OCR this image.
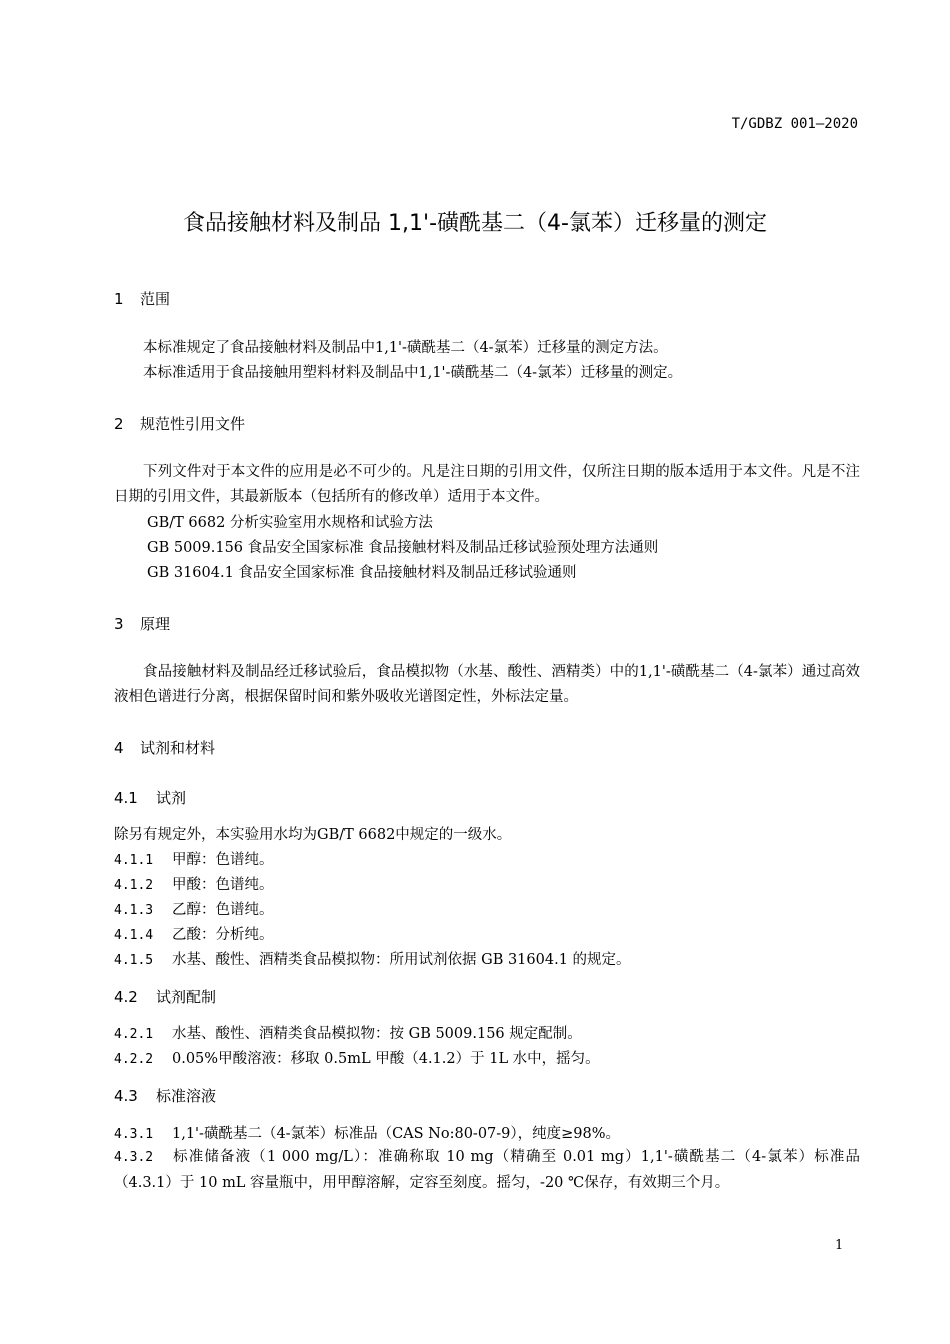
T/GDBZ 001—2020
食品接触材料及制品 1,1'-磺酰基二（4-氯苯）迁移量的测定
1 范围

本标准规定了食品接触材料及制品中1,1'-磺酰基二（4-氯苯）迁移量的测定方法。

本标准适用于食品接触用塑料材料及制品中1,1'-磺酰基二（4-氯苯）迁移量的测定。

2 规范性引用文件

下列文件对于本文件的应用是必不可少的。凡是注日期的引用文件，仅所注日期的版本适用于本文件。凡是不注日期的引用文件，其最新版本（包括所有的修改单）适用于本文件。

GB/T 6682 分析实验室用水规格和试验方法

GB 5009.156 食品安全国家标准 食品接触材料及制品迁移试验预处理方法通则

GB 31604.1 食品安全国家标准 食品接触材料及制品迁移试验通则

3 原理

食品接触材料及制品经迁移试验后，食品模拟物（水基、酸性、酒精类）中的1,1'-磺酰基二（4-氯苯）通过高效液相色谱进行分离，根据保留时间和紫外吸收光谱图定性，外标法定量。

4 试剂和材料
4.1 试剂

除另有规定外，本实验用水均为GB/T 6682中规定的一级水。

4.1.1 甲醇：色谱纯。

4.1.2 甲酸：色谱纯。

4.1.3 乙醇：色谱纯。

4.1.4 乙酸：分析纯。

4.1.5 水基、酸性、酒精类食品模拟物：所用试剂依据 GB 31604.1 的规定。

4.2 试剂配制

4.2.1 水基、酸性、酒精类食品模拟物：按 GB 5009.156 规定配制。

4.2.2 0.05%甲酸溶液：移取 0.5mL 甲酸（4.1.2）于 1L 水中，摇匀。

4.3 标准溶液

4.3.1 1,1'-磺酰基二（4-氯苯）标准品（CAS No:80-07-9），纯度≥98%。

4.3.2 标准储备液（1 000 mg/L）：准确称取 10 mg（精确至 0.01 mg）1,1'-磺酰基二（4-氯苯）标准品（4.3.1）于 10 mL 容量瓶中，用甲醇溶解，定容至刻度。摇匀，-20 ℃保存，有效期三个月。

1
